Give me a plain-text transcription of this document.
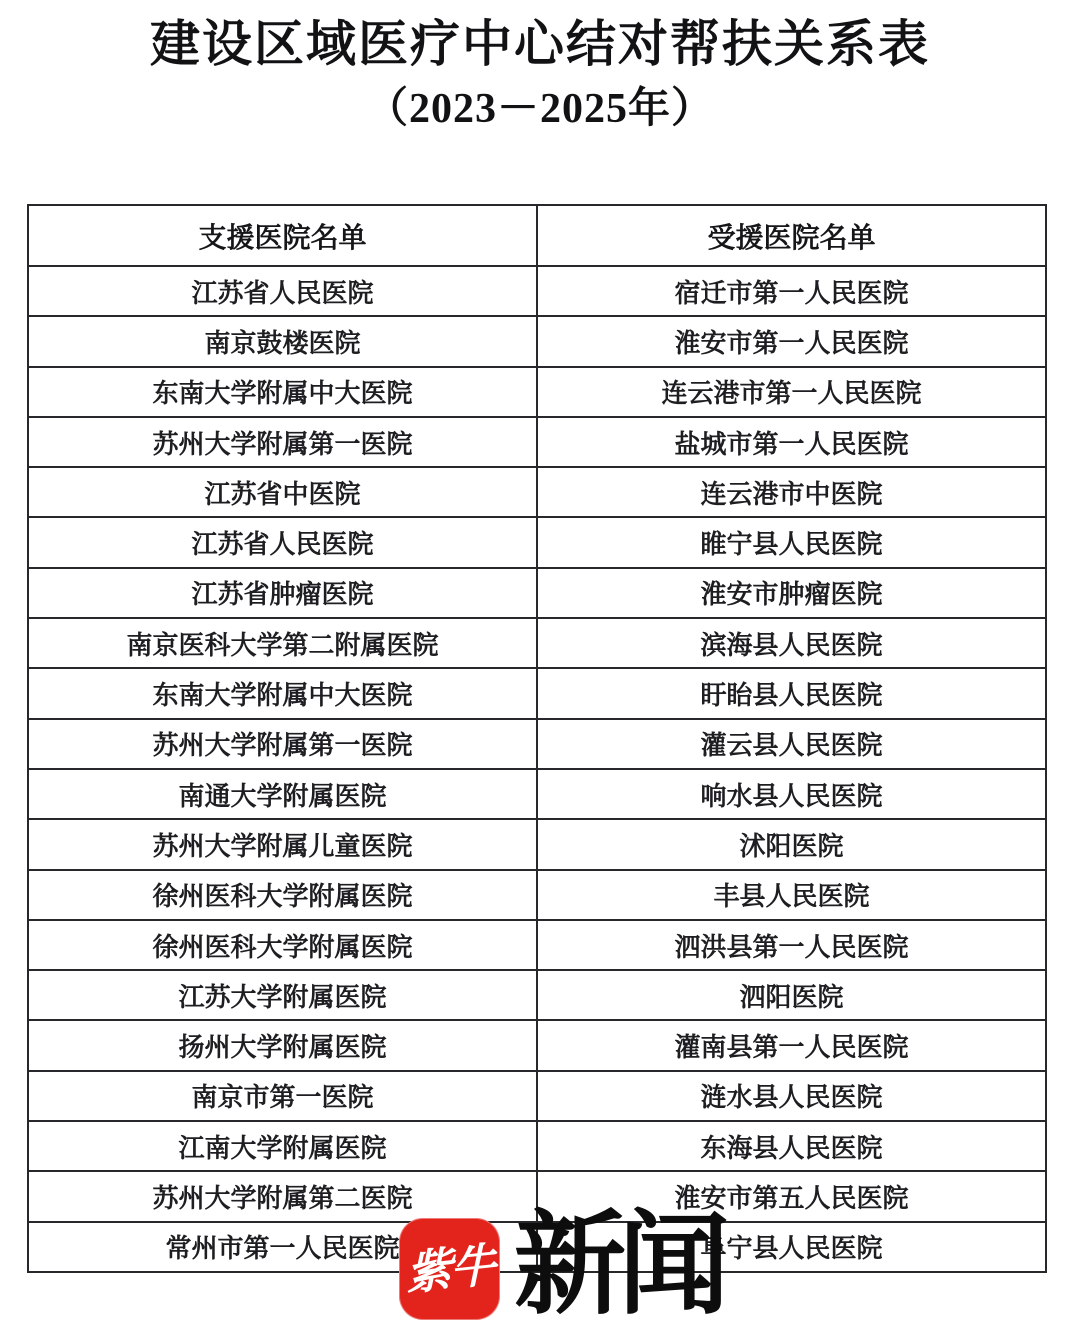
建设区域医疗中心结对帮扶关系表
（2023－2025年）
支援医院名单	受援医院名单
江苏省人民医院	宿迁市第一人民医院
南京鼓楼医院	淮安市第一人民医院
东南大学附属中大医院	连云港市第一人民医院
苏州大学附属第一医院	盐城市第一人民医院
江苏省中医院	连云港市中医院
江苏省人民医院	睢宁县人民医院
江苏省肿瘤医院	淮安市肿瘤医院
南京医科大学第二附属医院	滨海县人民医院
东南大学附属中大医院	盱眙县人民医院
苏州大学附属第一医院	灌云县人民医院
南通大学附属医院	响水县人民医院
苏州大学附属儿童医院	沭阳医院
徐州医科大学附属医院	丰县人民医院
徐州医科大学附属医院	泗洪县第一人民医院
江苏大学附属医院	泗阳医院
扬州大学附属医院	灌南县第一人民医院
南京市第一医院	涟水县人民医院
江南大学附属医院	东海县人民医院
苏州大学附属第二医院	淮安市第五人民医院
常州市第一人民医院	阜宁县人民医院
紫牛 新闻
